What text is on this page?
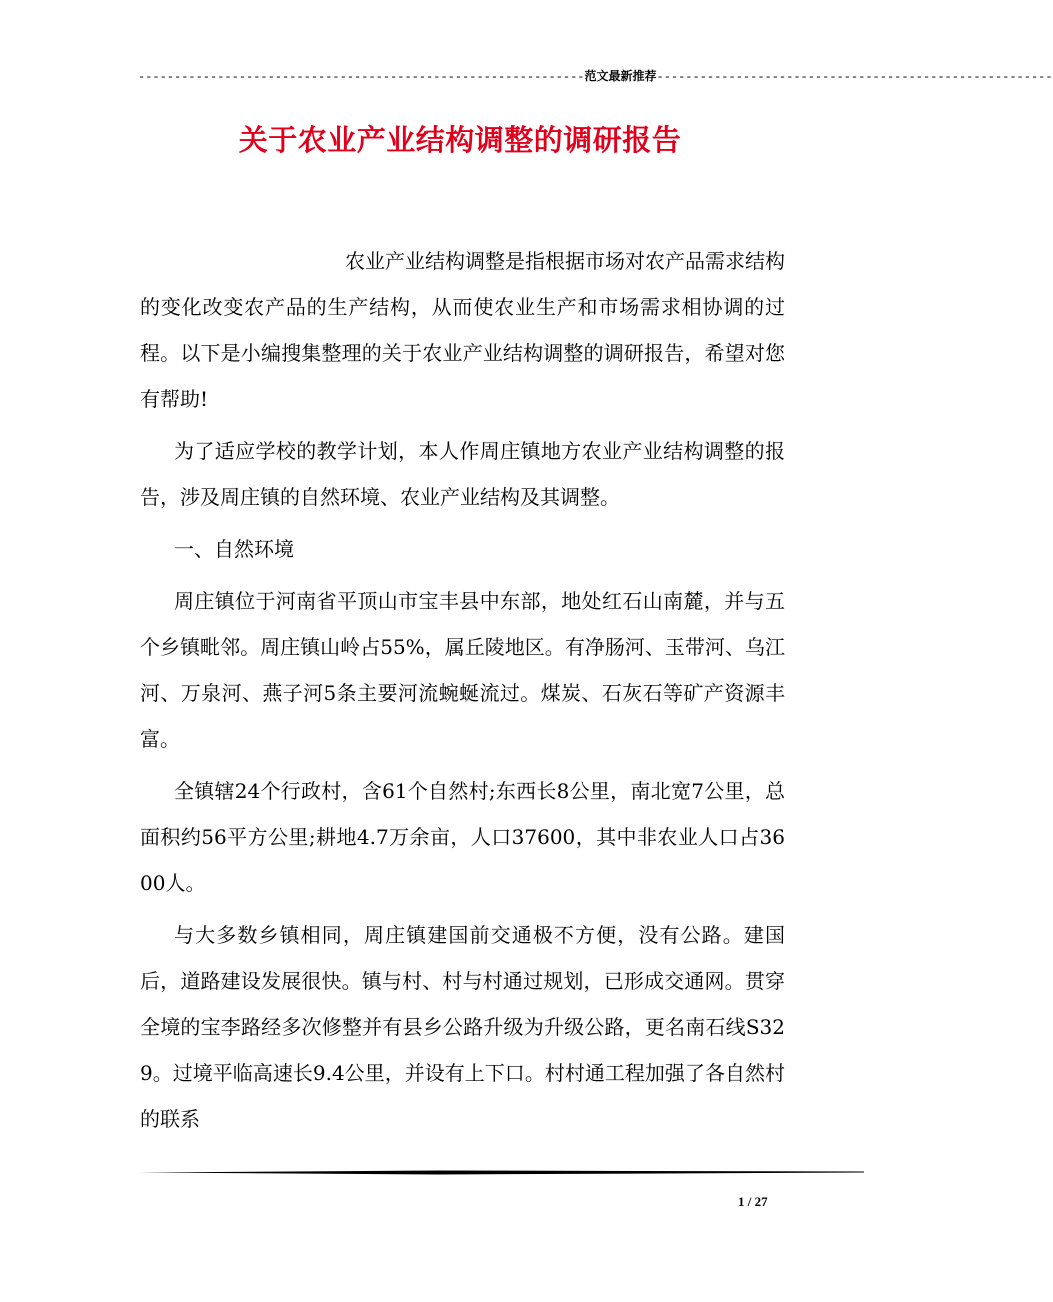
--------------------------------------------------------------范文最新推荐-------------------------------------------------------
关于农业产业结构调整的调研报告

农业产业结构调整是指根据市场对农产品需求结构的变化改变农产品的生产结构，从而使农业生产和市场需求相协调的过程。以下是小编搜集整理的关于农业产业结构调整的调研报告，希望对您有帮助!

为了适应学校的教学计划，本人作周庄镇地方农业产业结构调整的报告，涉及周庄镇的自然环境、农业产业结构及其调整。

一、自然环境

周庄镇位于河南省平顶山市宝丰县中东部，地处红石山南麓，并与五个乡镇毗邻。周庄镇山岭占55%，属丘陵地区。有净肠河、玉带河、乌江河、万泉河、燕子河5条主要河流蜿蜒流过。煤炭、石灰石等矿产资源丰富。

全镇辖24个行政村，含61个自然村;东西长8公里，南北宽7公里，总面积约56平方公里;耕地4.7万余亩，人口37600，其中非农业人口占3600人。

与大多数乡镇相同，周庄镇建国前交通极不方便，没有公路。建国后，道路建设发展很快。镇与村、村与村通过规划，已形成交通网。贯穿全境的宝李路经多次修整并有县乡公路升级为升级公路，更名南石线S329。过境平临高速长9.4公里，并设有上下口。村村通工程加强了各自然村的联系

1 / 27
